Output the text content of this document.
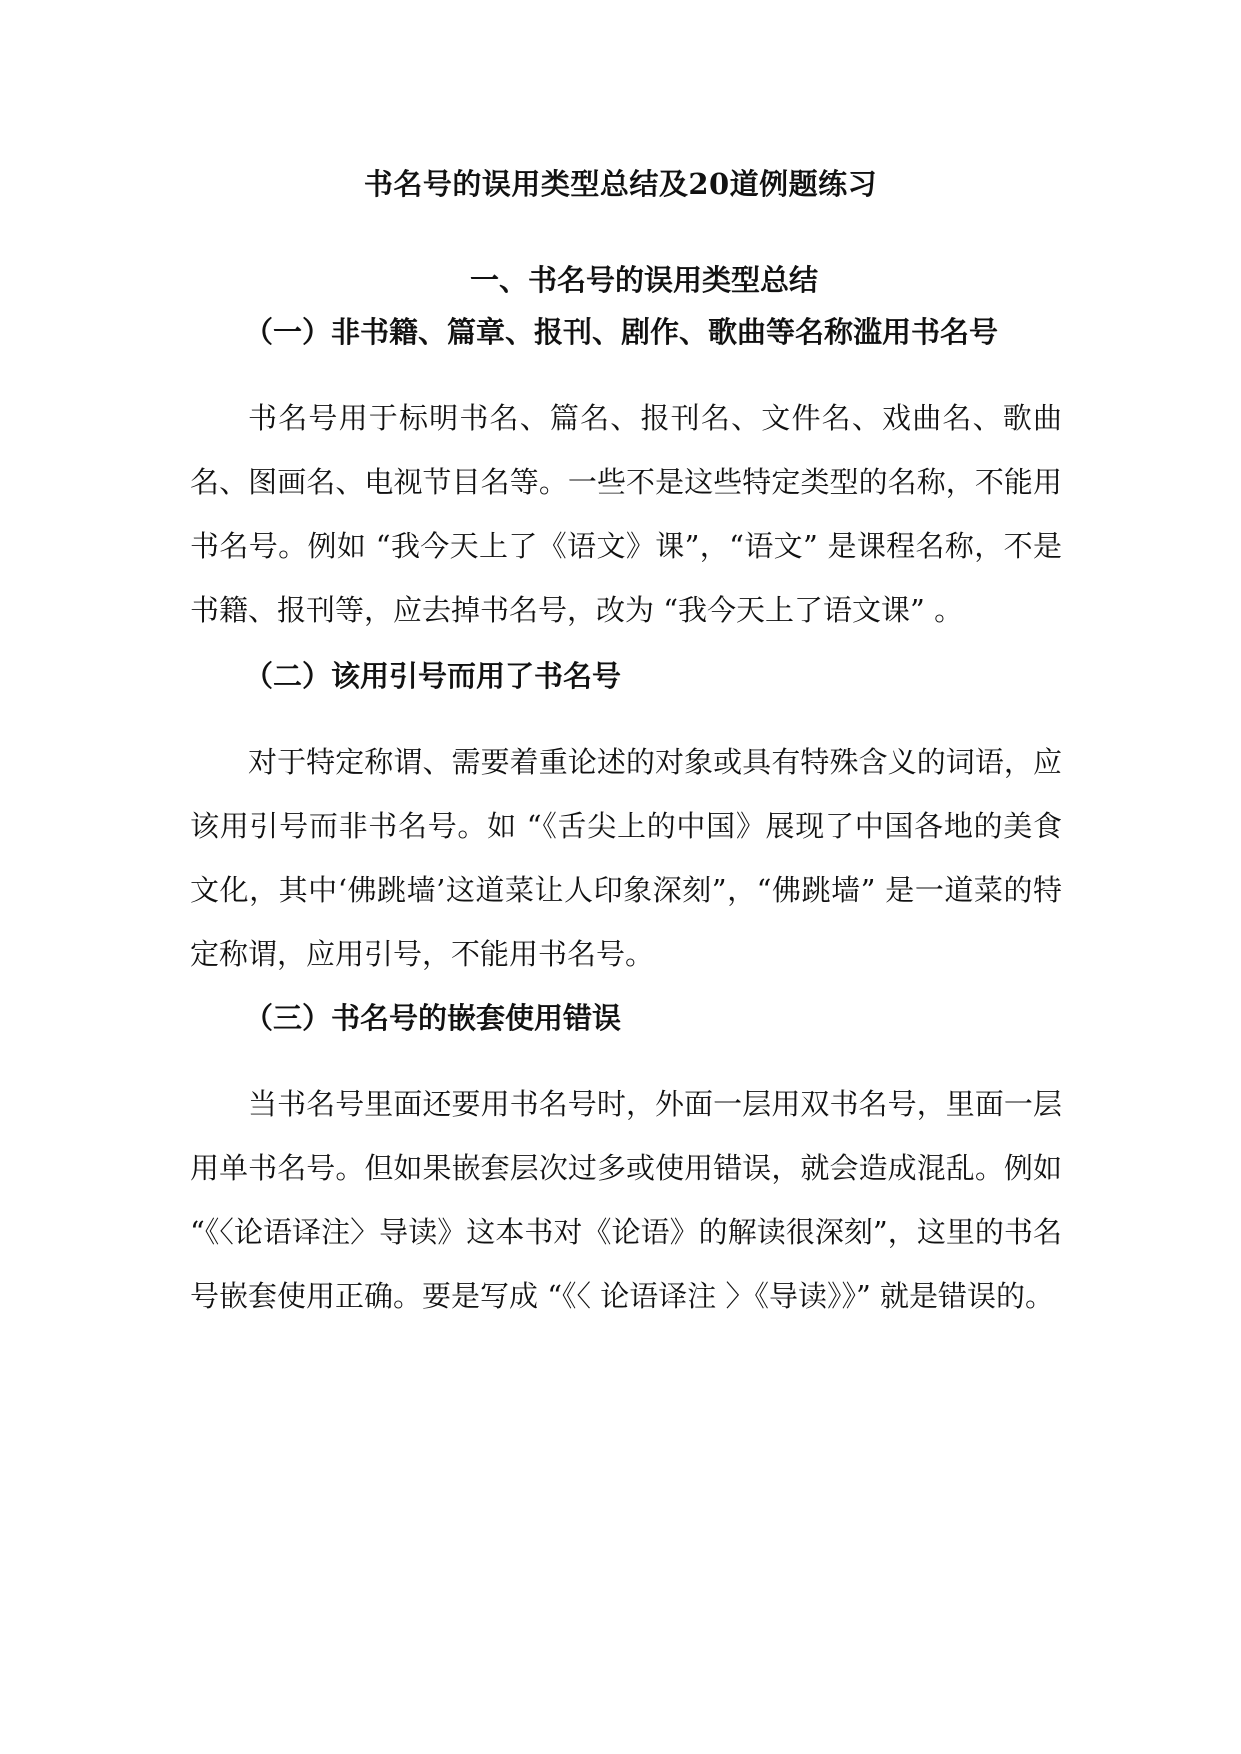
书名号的误用类型总结及20道例题练习
一、书名号的误用类型总结
（一）非书籍、篇章、报刊、剧作、歌曲等名称滥用书名号
书名号用于标明书名、篇名、报刊名、文件名、戏曲名、歌曲名、图画名、电视节目名等。一些不是这些特定类型的名称，不能用书名号。例如 “我今天上了《语文》课”，“语文” 是课程名称，不是书籍、报刊等，应去掉书名号，改为 “我今天上了语文课” 。
（二）该用引号而用了书名号
对于特定称谓、需要着重论述的对象或具有特殊含义的词语，应该用引号而非书名号。如 “《舌尖上的中国》展现了中国各地的美食文化，其中‘佛跳墙’这道菜让人印象深刻”，“佛跳墙” 是一道菜的特定称谓，应用引号，不能用书名号。
（三）书名号的嵌套使用错误
当书名号里面还要用书名号时，外面一层用双书名号，里面一层用单书名号。但如果嵌套层次过多或使用错误，就会造成混乱。例如 “《〈论语译注〉导读》这本书对《论语》的解读很深刻”，这里的书名号嵌套使用正确。要是写成 “《〈 论语译注 〉《导读》》” 就是错误的。
